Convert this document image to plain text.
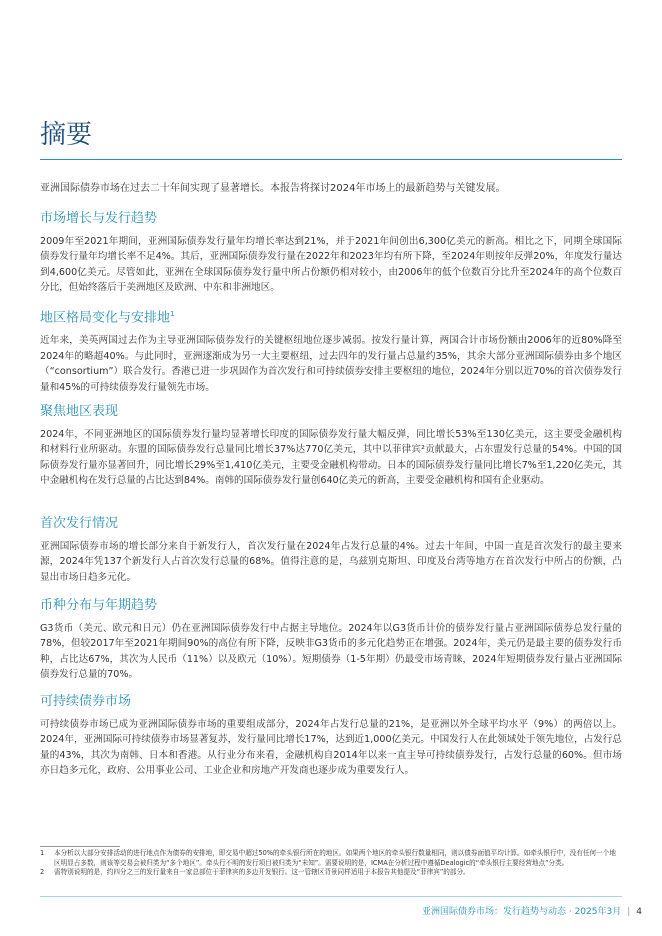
摘要
亚洲国际债券市场在过去二十年间实现了显著增长。本报告将探讨2024年市场上的最新趋势与关键发展。
市场增长与发行趋势

2009年至2021年期间，亚洲国际债券发行量年均增长率达到21%，并于2021年间创出6,300亿美元的新高。相比之下，同期全球国际债券发行量年均增长率不足4%。其后，亚洲国际债券发行量在2022年和2023年均有所下降，至2024年则按年反弹20%，年度发行量达到4,600亿美元。尽管如此，亚洲在全球国际债券发行量中所占份额仍相对较小，由2006年的低个位数百分比升至2024年的高个位数百分比，但始终落后于美洲地区及欧洲、中东和非洲地区。

地区格局变化与安排地$^1$

近年来，美英两国过去作为主导亚洲国际债券发行的关键枢纽地位逐步减弱。按发行量计算，两国合计市场份额由2006年的近80%降至2024年的略超40%。与此同时，亚洲逐渐成为另一大主要枢纽，过去四年的发行量占总量约35%，其余大部分亚洲国际债券由多个地区（“consortium”）联合发行。香港已进一步巩固作为首次发行和可持续债券安排主要枢纽的地位，2024年分别以近70%的首次债券发行量和45%的可持续债券发行量领先市场。

聚焦地区表现

2024年，不同亚洲地区的国际债券发行量均显著增长印度的国际债券发行量大幅反弹，同比增长53%至130亿美元，这主要受金融机构和材料行业所驱动。东盟的国际债券发行总量同比增长37%达770亿美元，其中以菲律宾²贡献最大，占东盟发行总量的54%。中国的国际债券发行量亦显著回升，同比增长29%至1,410亿美元，主要受金融机构带动。日本的国际债券发行量同比增长7%至1,220亿美元，其中金融机构在发行总量的占比达到84%。南韩的国际债券发行量创640亿美元的新高，主要受金融机构和国有企业驱动。

首次发行情况

亚洲国际债券市场的增长部分来自于新发行人，首次发行量在2024年占发行总量的4%。过去十年间，中国一直是首次发行的最主要来源，2024年凭137个新发行人占首次发行总量的68%。值得注意的是，乌兹别克斯坦、印度及台湾等地方在首次发行中所占的份额，凸显出市场日趋多元化。

币种分布与年期趋势

G3货币（美元、欧元和日元）仍在亚洲国际债券发行中占据主导地位。2024年以G3货币计价的债券发行量占亚洲国际债券总发行量的78%，但较2017年至2021年期间90%的高位有所下降，反映非G3货币的多元化趋势正在增强。2024年，美元仍是最主要的债券发行币种，占比达67%，其次为人民币（11%）以及欧元（10%）。短期债券（1-5年期）仍最受市场青睐，2024年短期债券发行量占亚洲国际债券发行总量的70%。

可持续债券市场

可持续债券市场已成为亚洲国际债券市场的重要组成部分，2024年占发行总量的21%，是亚洲以外全球平均水平（9%）的两倍以上。2024年，亚洲国际可持续债券市场显著复苏，发行量同比增长17%，达到近1,000亿美元。中国发行人在此领域处于领先地位，占发行总量的43%，其次为南韩、日本和香港。从行业分布来看，金融机构自2014年以来一直主导可持续债券发行，占发行总量的60%。但市场亦日趋多元化，政府、公用事业公司、工业企业和房地产开发商也逐步成为重要发行人。

1 本分析以大部分安排活动的进行地点作为债券的安排地，即交易中超过50%的牵头银行所在的地区。如果两个地区的牵头银行数量相同，则以债券面值平均计算。如牵头银行中，没有任何一个地区明显占多数，则该等交易会被归类为“多个地区”。牵头行不明的发行项目被归类为“未知”。需要说明的是，ICMA在分析过程中遵循Dealogic的“牵头银行主要经营地点”分类。
2 需特别说明的是，约四分之三的发行量来自一家总部位于菲律宾的多边开发银行。这一管辖区背景同样适用于本报告其他提及“菲律宾”的部分。
亚洲国际债券市场：发行趋势与动态 · 2025年3月 | 4
